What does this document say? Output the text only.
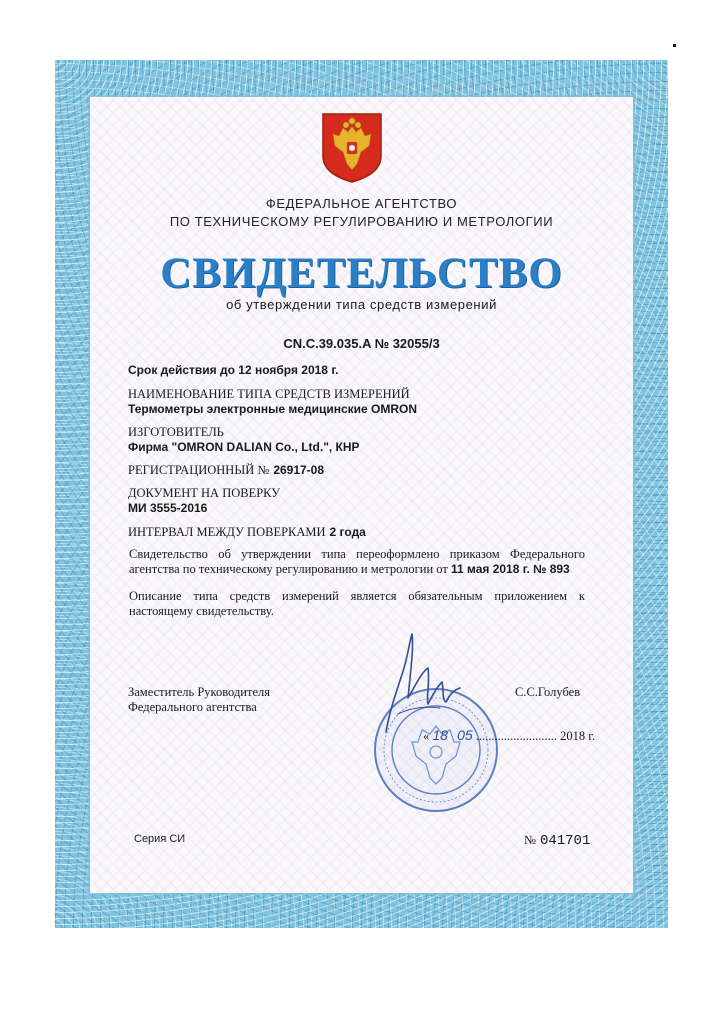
ФЕДЕРАЛЬНОЕ АГЕНТСТВО
ПО ТЕХНИЧЕСКОМУ РЕГУЛИРОВАНИЮ И МЕТРОЛОГИИ
СВИДЕТЕЛЬСТВО
об утверждении типа средств измерений
CN.C.39.035.A № 32055/3
Срок действия до 12 ноября 2018 г.
НАИМЕНОВАНИЕ ТИПА СРЕДСТВ ИЗМЕРЕНИЙ
Термометры электронные медицинские OMRON
ИЗГОТОВИТЕЛЬ
Фирма "OMRON DALIAN Co., Ltd.", КНР
РЕГИСТРАЦИОННЫЙ № 26917-08
ДОКУМЕНТ НА ПОВЕРКУ
МИ 3555-2016
ИНТЕРВАЛ МЕЖДУ ПОВЕРКАМИ 2 года
Свидетельство об утверждении типа переоформлено приказом Федерального агентства по техническому регулированию и метрологии от 11 мая 2018 г. № 893
Описание типа средств измерений является обязательным приложением к настоящему свидетельству.
Заместитель Руководителя
Федерального агентства
С.С.Голубев
« 18 05 .......................... 2018 г.
Серия СИ	№ 041701
